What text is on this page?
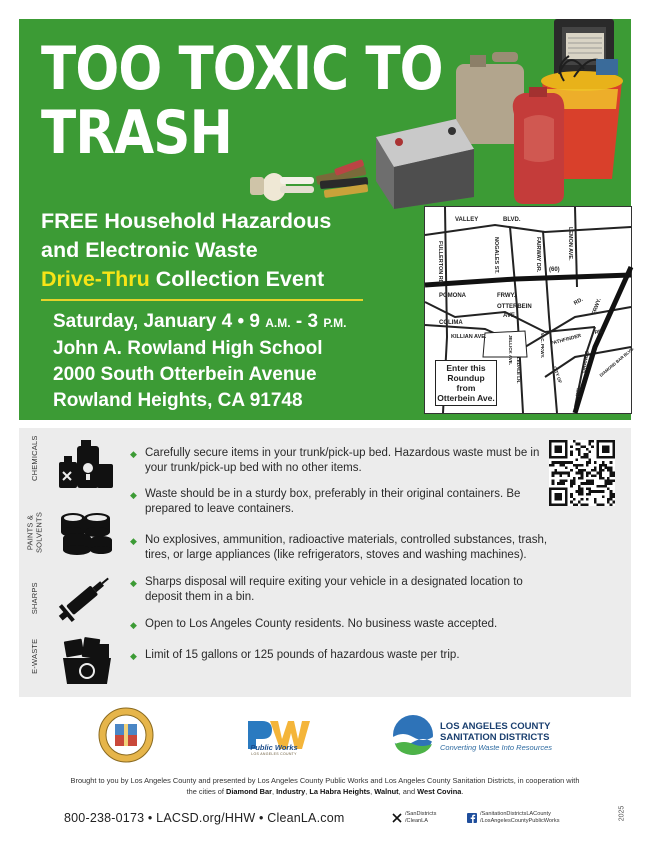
TOO TOXIC TO
TRASH
FREE Household Hazardous
and Electronic Waste
Drive-Thru Collection Event
Saturday, January 4 • 9 A.M. - 3 P.M.
John A. Rowland High School
2000 South Otterbein Avenue
Rowland Heights, CA 91748
VALLEY	BLVD.
FULLERTON RD.	NOGALES ST.	FAIRWAY DR.	LEMON AVE.
(60)
POMONA	FRWY.
OTTERBEIN
AVE.
RD. FRWY.
COLIMA
KILLIAN AVE.	JELLICK AVE.	W.C. PKWY. PATHFINDER
RD.
ORANGE DIAMOND BAR BLVD.
LEDALE LN.	CITY OF
(57)
Enter this Roundup from Otterbein Ave.
CHEMICALS
PAINTS &
SOLVENTS
SHARPS
E-WASTE
◆ Carefully secure items in your trunk/pick-up bed. Hazardous waste must be in your trunk/pick-up bed with no other items.
◆ Waste should be in a sturdy box, preferably in their original containers. Be prepared to leave containers.
◆ No explosives, ammunition, radioactive materials, controlled substances, trash, tires, or large appliances (like refrigerators, stoves and washing machines).
◆ Sharps disposal will require exiting your vehicle in a designated location to deposit them in a bin.
◆ Open to Los Angeles County residents. No business waste accepted.
◆ Limit of 15 gallons or 125 pounds of hazardous waste per trip.
Public Works
LOS ANGELES COUNTY
LOS ANGELES COUNTY
SANITATION DISTRICTS
Converting Waste Into Resources
Brought to you by Los Angeles County and presented by Los Angeles County Public Works and Los Angeles County Sanitation Districts, in cooperation with
the cities of Diamond Bar, Industry, La Habra Heights, Walnut, and West Covina.
800-238-0173 • LACSD.org/HHW • CleanLA.com	/SanDistricts
/CleanLA
/SanitationDistrictsLACounty
/LosAngelesCountyPublicWorks	2025
